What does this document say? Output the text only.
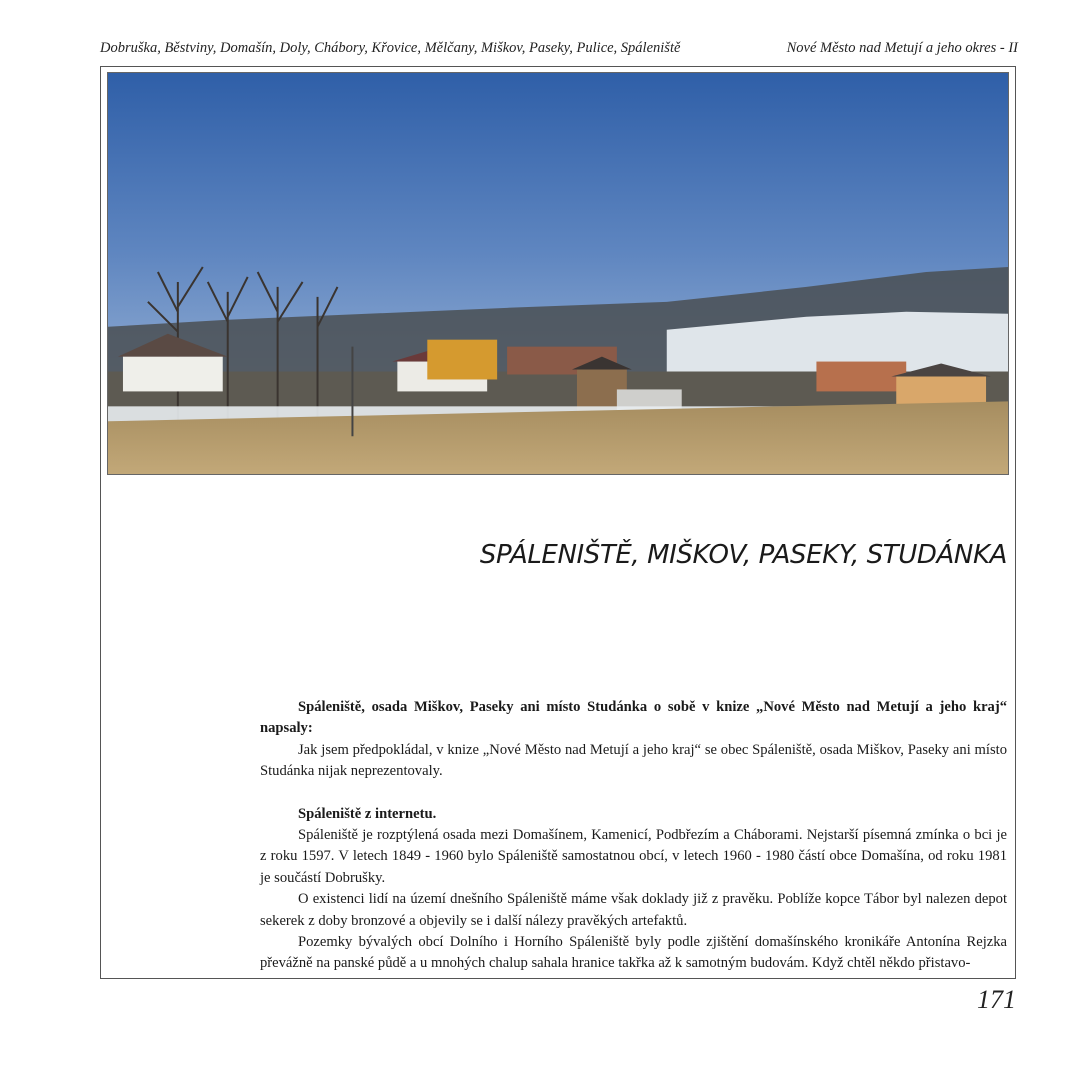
Dobruška, Běstviny, Domašín, Doly, Chábory, Křovice, Mělčany, Miškov, Paseky, Pulice, Spáleniště	Nové Město nad Metují a jeho okres - II
SPÁLENIŠTĚ, MIŠKOV, PASEKY, STUDÁNKA

Spáleniště, osada Miškov, Paseky ani místo Studánka o sobě v knize „Nové Město nad Metují a jeho kraj“ napsaly:

Jak jsem předpokládal, v knize „Nové Město nad Metují a jeho kraj“ se obec Spáleniště, osada Miškov, Paseky ani místo Studánka nijak neprezentovaly.

Spáleniště z internetu.

Spáleniště je rozptýlená osada mezi Domašínem, Kamenicí, Podbřezím a Cháborami. Nejstarší písemná zmínka o bci je z roku 1597. V letech 1849 - 1960 bylo Spáleniště samostatnou obcí, v letech 1960 - 1980 částí obce Domašína, od roku 1981 je součástí Dobrušky.

O existenci lidí na území dnešního Spáleniště máme však doklady již z pravěku. Poblíže kopce Tábor byl nalezen depot sekerek z doby bronzové a objevily se i další nálezy pravěkých artefaktů.

Pozemky bývalých obcí Dolního i Horního Spáleniště byly podle zjištění domašínského kronikáře Antonína Rejzka převážně na panské půdě a u mnohých chalup sahala hranice takřka až k samotným budovám. Když chtěl někdo přistavo-

171
